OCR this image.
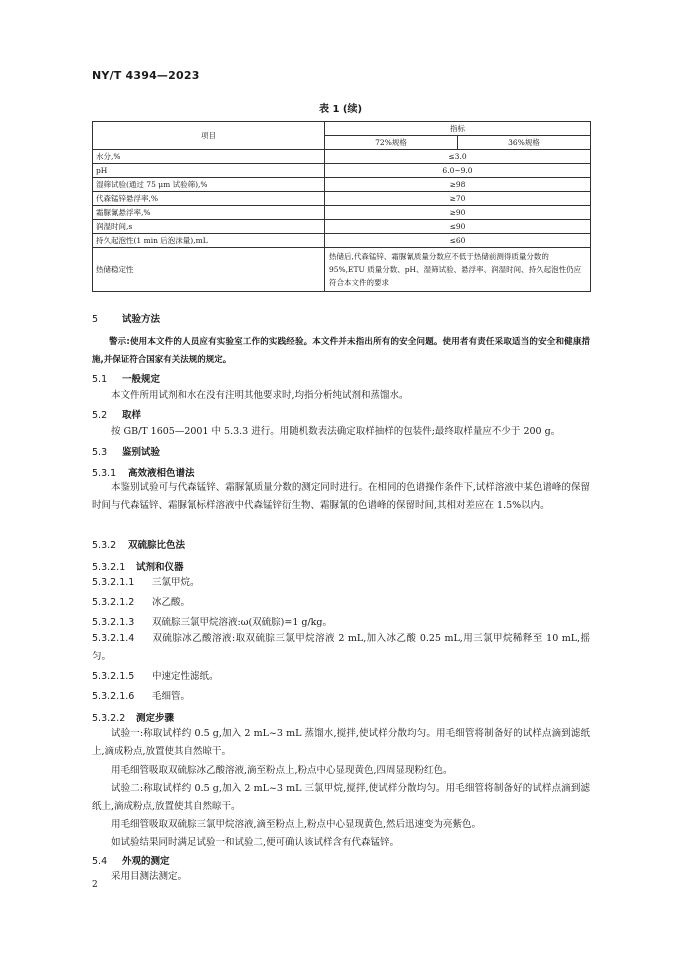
NY/T 4394—2023
表 1 (续)
项目	指标	
	72%规格	36%规格
水分,%	≤3.0	
pH	6.0~9.0	
湿筛试验(通过 75 μm 试验筛),%	≥98	
代森锰锌悬浮率,%	≥70	
霜脲氰悬浮率,%	≥90	
润湿时间,s	≤90	
持久起泡性(1 min 后泡沫量),mL	≤60	
热储稳定性	热储后,代森锰锌、霜脲氰质量分数应不低于热储前测得质量分数的 95%,ETU 质量分数、pH、湿筛试验、悬浮率、润湿时间、持久起泡性仍应符合本文件的要求	
5	试验方法
警示:使用本文件的人员应有实验室工作的实践经验。本文件并未指出所有的安全问题。使用者有责任采取适当的安全和健康措施,并保证符合国家有关法规的规定。
5.1 一般规定
本文件所用试剂和水在没有注明其他要求时,均指分析纯试剂和蒸馏水。
5.2 取样
按 GB/T 1605—2001 中 5.3.3 进行。用随机数表法确定取样抽样的包装件;最终取样量应不少于 200 g。
5.3 鉴别试验
5.3.1 高效液相色谱法
本鉴别试验可与代森锰锌、霜脲氰质量分数的测定同时进行。在相同的色谱操作条件下,试样溶液中某色谱峰的保留时间与代森锰锌、霜脲氰标样溶液中代森锰锌衍生物、霜脲氰的色谱峰的保留时间,其相对差应在 1.5%以内。
5.3.2 双硫腙比色法
5.3.2.1 试剂和仪器
5.3.2.1.1 三氯甲烷。
5.3.2.1.2 冰乙酸。
5.3.2.1.3 双硫腙三氯甲烷溶液:ω(双硫腙)=1 g/kg。
5.3.2.1.4 双硫腙冰乙酸溶液:取双硫腙三氯甲烷溶液 2 mL,加入冰乙酸 0.25 mL,用三氯甲烷稀释至 10 mL,摇匀。
5.3.2.1.5 中速定性滤纸。
5.3.2.1.6 毛细管。
5.3.2.2 测定步骤
试验一:称取试样约 0.5 g,加入 2 mL~3 mL 蒸馏水,搅拌,使试样分散均匀。用毛细管将制备好的试样点滴到滤纸上,滴成粉点,放置使其自然晾干。
用毛细管吸取双硫腙冰乙酸溶液,滴至粉点上,粉点中心显现黄色,四周显现粉红色。
试验二:称取试样约 0.5 g,加入 2 mL~3 mL 三氯甲烷,搅拌,使试样分散均匀。用毛细管将制备好的试样点滴到滤纸上,滴成粉点,放置使其自然晾干。
用毛细管吸取双硫腙三氯甲烷溶液,滴至粉点上,粉点中心显现黄色,然后迅速变为亮紫色。
如试验结果同时满足试验一和试验二,便可确认该试样含有代森锰锌。
5.4 外观的测定
采用目测法测定。
2
